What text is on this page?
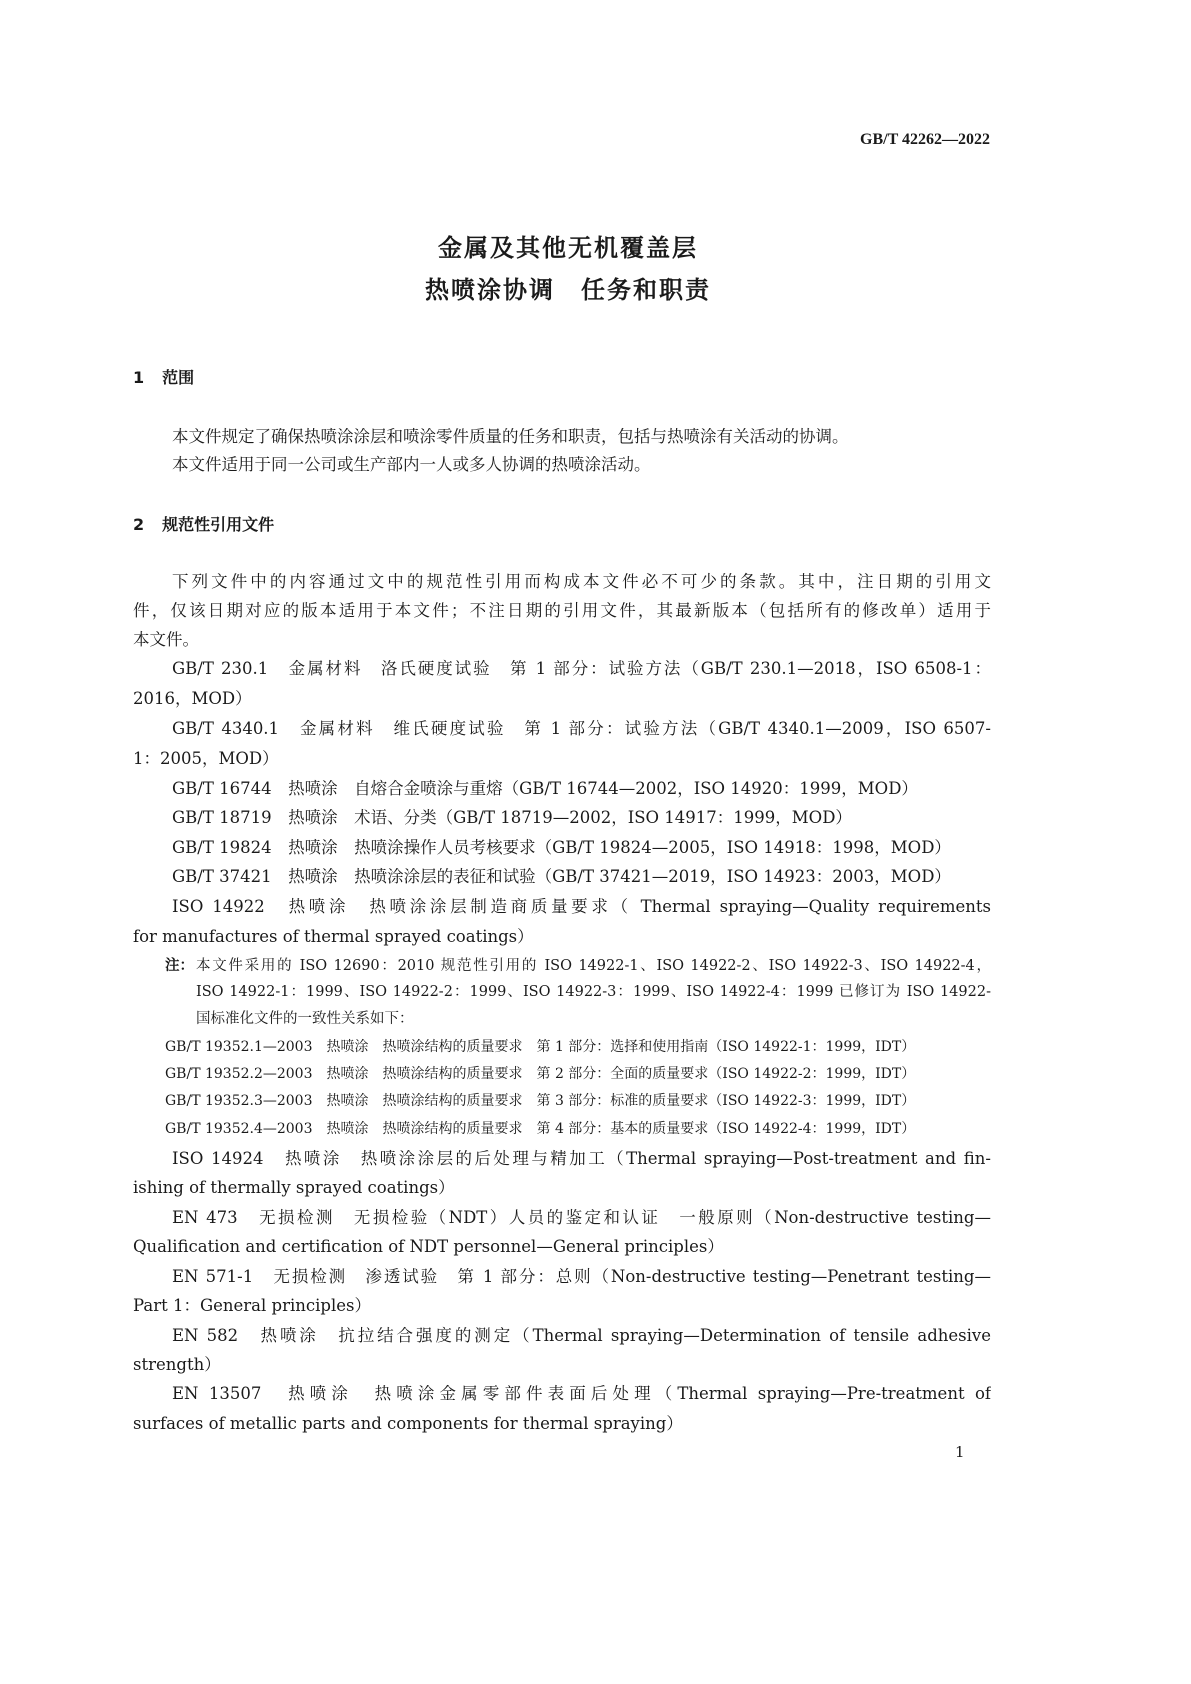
GB/T 42262—2022
金属及其他无机覆盖层
热喷涂协调　任务和职责
1 范围
本文件规定了确保热喷涂涂层和喷涂零件质量的任务和职责，包括与热喷涂有关活动的协调。
本文件适用于同一公司或生产部内一人或多人协调的热喷涂活动。
2 规范性引用文件
下列文件中的内容通过文中的规范性引用而构成本文件必不可少的条款。其中，注日期的引用文
件，仅该日期对应的版本适用于本文件；不注日期的引用文件，其最新版本（包括所有的修改单）适用于
本文件。
GB/T 230.1　金属材料　洛氏硬度试验　第 1 部分：试验方法（GB/T 230.1—2018，ISO 6508-1：
2016，MOD）
GB/T 4340.1　金属材料　维氏硬度试验　第 1 部分：试验方法（GB/T 4340.1—2009，ISO 6507-
1：2005，MOD）
GB/T 16744　热喷涂　自熔合金喷涂与重熔（GB/T 16744—2002，ISO 14920：1999，MOD）
GB/T 18719　热喷涂　术语、分类（GB/T 18719—2002，ISO 14917：1999，MOD）
GB/T 19824　热喷涂　热喷涂操作人员考核要求（GB/T 19824—2005，ISO 14918：1998，MOD）
GB/T 37421　热喷涂　热喷涂涂层的表征和试验（GB/T 37421—2019，ISO 14923：2003，MOD）
ISO 14922　热喷涂　热喷涂涂层制造商质量要求（ Thermal spraying—Quality requirements
for manufactures of thermal sprayed coatings）
注： 本文件采用的 ISO 12690：2010 规范性引用的 ISO 14922-1、ISO 14922-2、ISO 14922-3、ISO 14922-4，
ISO 14922-1：1999、ISO 14922-2：1999、ISO 14922-3：1999、ISO 14922-4：1999 已修订为 ISO 14922-
国标准化文件的一致性关系如下：
GB/T 19352.1—2003　热喷涂　热喷涂结构的质量要求　第 1 部分：选择和使用指南（ISO 14922-1：1999，IDT）
GB/T 19352.2—2003　热喷涂　热喷涂结构的质量要求　第 2 部分：全面的质量要求（ISO 14922-2：1999，IDT）
GB/T 19352.3—2003　热喷涂　热喷涂结构的质量要求　第 3 部分：标准的质量要求（ISO 14922-3：1999，IDT）
GB/T 19352.4—2003　热喷涂　热喷涂结构的质量要求　第 4 部分：基本的质量要求（ISO 14922-4：1999，IDT）
ISO 14924　热喷涂　热喷涂涂层的后处理与精加工（Thermal spraying—Post-treatment and fin-
ishing of thermally sprayed coatings）
EN 473　无损检测　无损检验（NDT）人员的鉴定和认证　一般原则（Non-destructive testing—
Qualification and certification of NDT personnel—General principles）
EN 571-1　无损检测　渗透试验　第 1 部分：总则（Non-destructive testing—Penetrant testing—
Part 1：General principles）
EN 582　热喷涂　抗拉结合强度的测定（Thermal spraying—Determination of tensile adhesive
strength）
EN 13507　热喷涂　热喷涂金属零部件表面后处理（Thermal spraying—Pre-treatment of
surfaces of metallic parts and components for thermal spraying）
1
